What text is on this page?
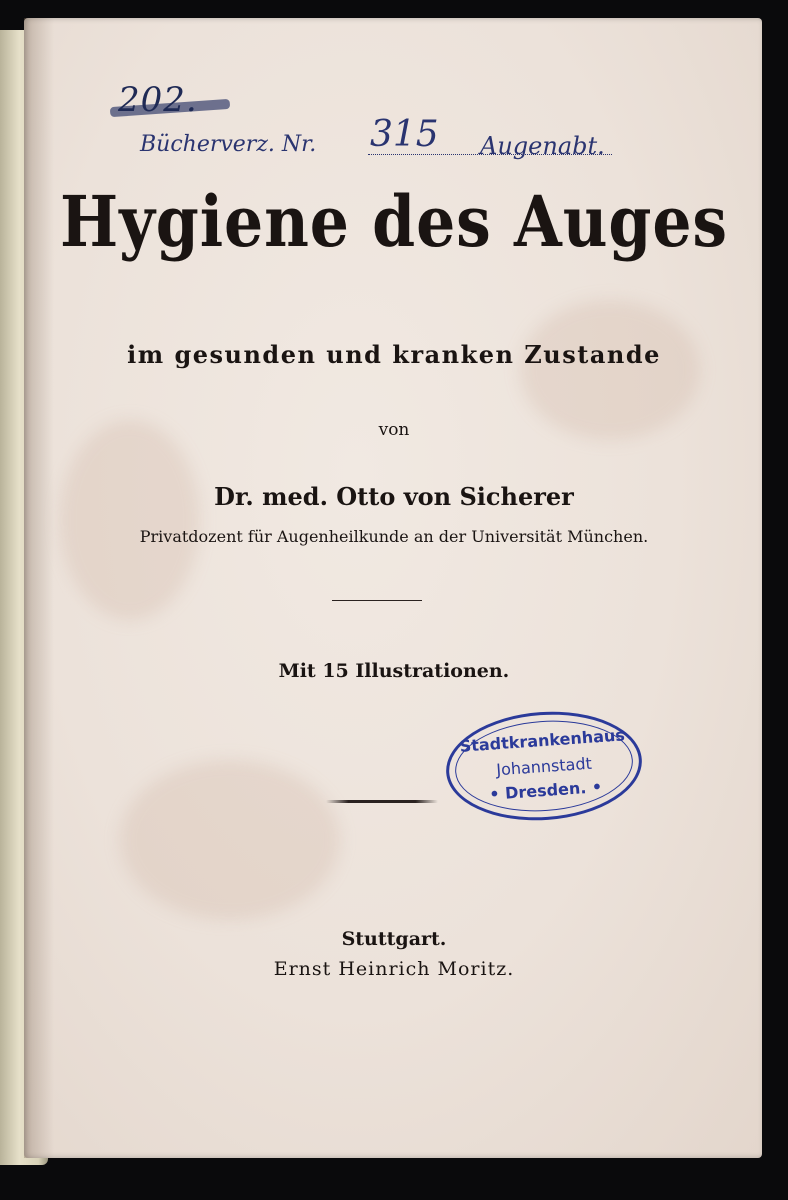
202.
Bücherverz. Nr. 315 Augenabt.
Hygiene des Auges
im gesunden und kranken Zustande
von
Dr. med. Otto von Sicherer
Privatdozent für Augenheilkunde an der Universität München.
Mit 15 Illustrationen.
Stadtkrankenhaus
Johannstadt
• Dresden. •
Stuttgart.
Ernst Heinrich Moritz.
